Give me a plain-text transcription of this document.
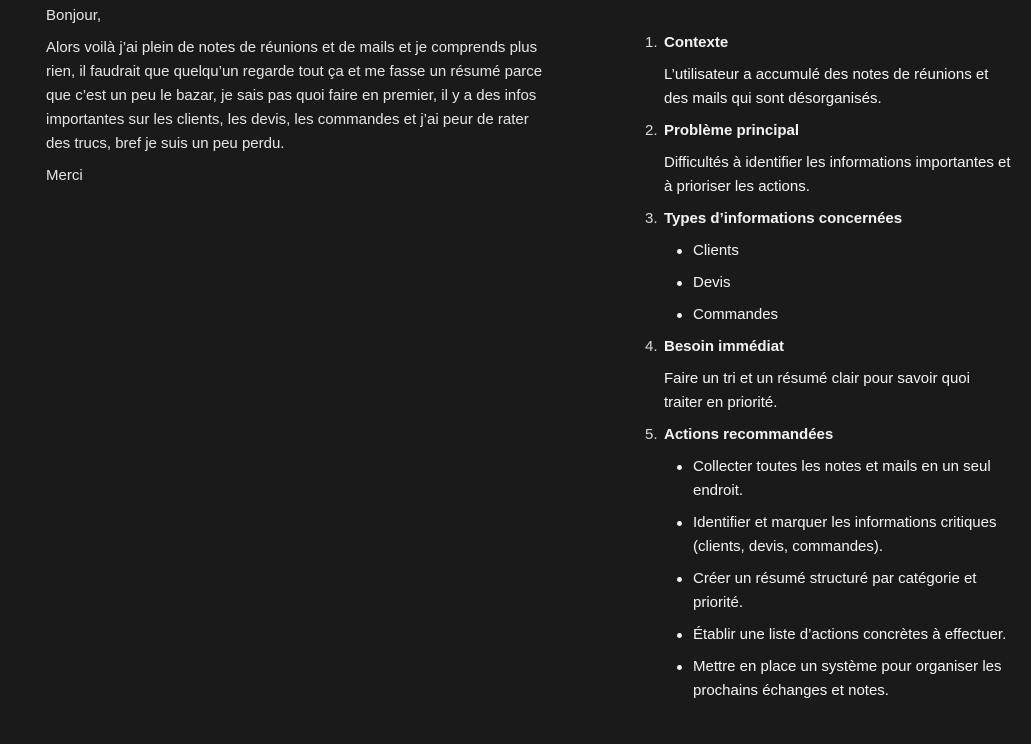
Bonjour,

Alors voilà j’ai plein de notes de réunions et de mails et je comprends plus rien, il faudrait que quelqu’un regarde tout ça et me fasse un résumé parce que c’est un peu le bazar, je sais pas quoi faire en premier, il y a des infos importantes sur les clients, les devis, les commandes et j’ai peur de rater des trucs, bref je suis un peu perdu.

Merci

1. Contexte

L’utilisateur a accumulé des notes de réunions et des mails qui sont désorganisés.

2. Problème principal

Difficultés à identifier les informations importantes et à prioriser les actions.

3. Types d’informations concernées
Clients
Devis
Commandes
4. Besoin immédiat

Faire un tri et un résumé clair pour savoir quoi traiter en priorité.

5. Actions recommandées
Collecter toutes les notes et mails en un seul endroit.
Identifier et marquer les informations critiques (clients, devis, commandes).
Créer un résumé structuré par catégorie et priorité.
Établir une liste d’actions concrètes à effectuer.
Mettre en place un système pour organiser les prochains échanges et notes.
